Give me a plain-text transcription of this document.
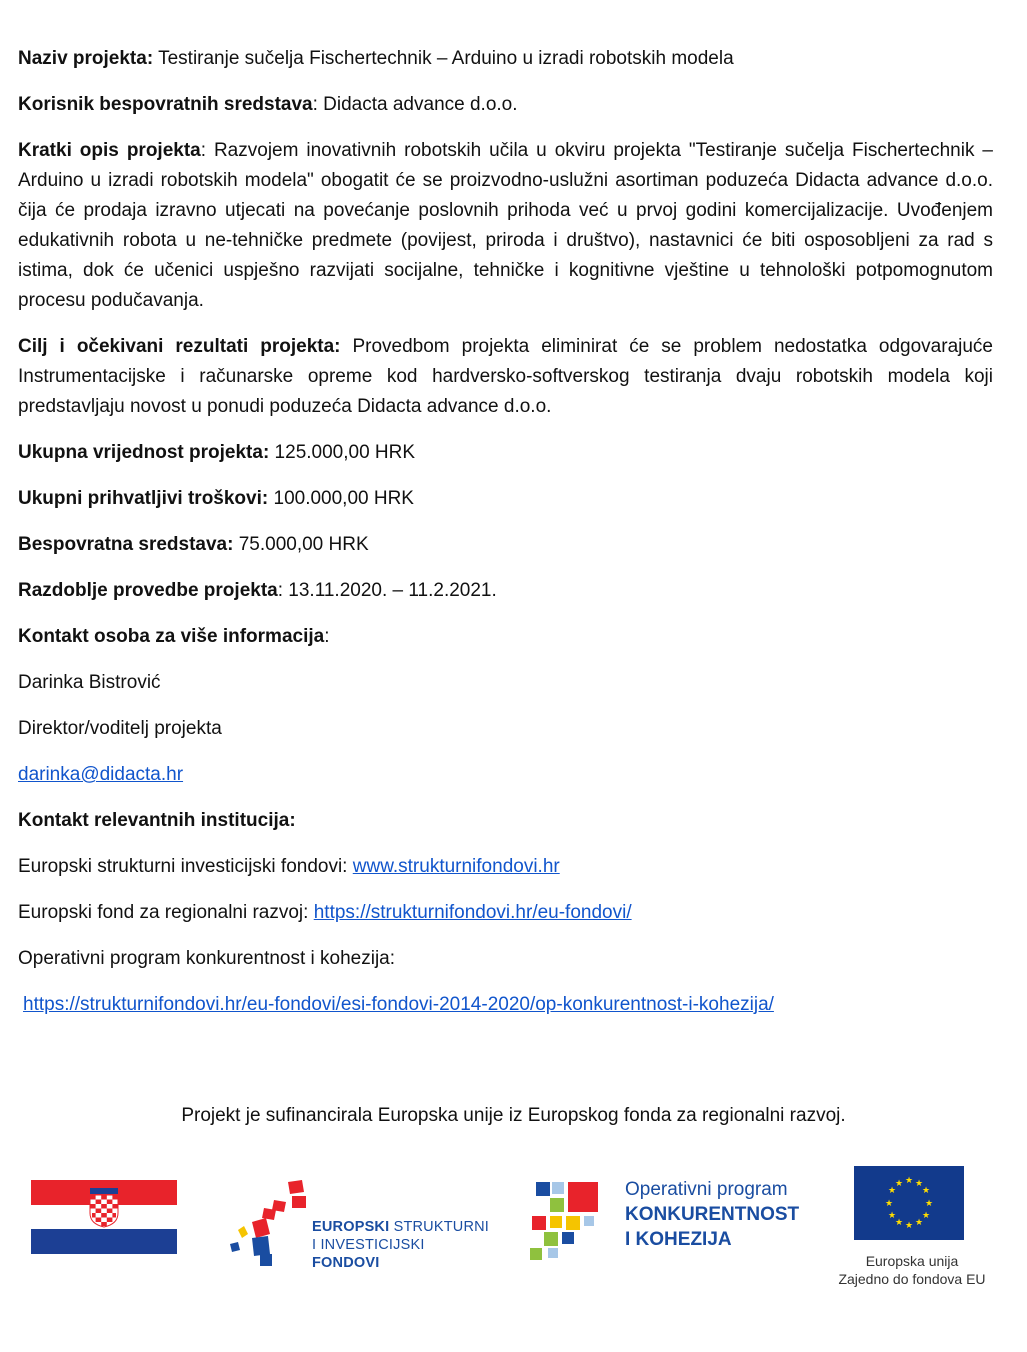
Naziv projekta: Testiranje sučelja Fischertechnik – Arduino u izradi robotskih modela

Korisnik bespovratnih sredstava: Didacta advance d.o.o.

Kratki opis projekta: Razvojem inovativnih robotskih učila u okviru projekta "Testiranje sučelja Fischertechnik – Arduino u izradi robotskih modela" obogatit će se proizvodno-uslužni asortiman poduzeća Didacta advance d.o.o. čija će prodaja izravno utjecati na povećanje poslovnih prihoda već u prvoj godini komercijalizacije. Uvođenjem edukativnih robota u ne-tehničke predmete (povijest, priroda i društvo), nastavnici će biti osposobljeni za rad s istima, dok će učenici uspješno razvijati socijalne, tehničke i kognitivne vještine u tehnološki potpomognutom procesu podučavanja.

Cilj i očekivani rezultati projekta: Provedbom projekta eliminirat će se problem nedostatka odgovarajuće Instrumentacijske i računarske opreme kod hardversko-softverskog testiranja dvaju robotskih modela koji predstavljaju novost u ponudi poduzeća Didacta advance d.o.o.

Ukupna vrijednost projekta: 125.000,00 HRK

Ukupni prihvatljivi troškovi: 100.000,00 HRK

Bespovratna sredstava: 75.000,00 HRK

Razdoblje provedbe projekta: 13.11.2020. – 11.2.2021.

Kontakt osoba za više informacija:

Darinka Bistrović

Direktor/voditelj projekta

darinka@didacta.hr

Kontakt relevantnih institucija:

Europski strukturni investicijski fondovi: www.strukturnifondovi.hr

Europski fond za regionalni razvoj: https://strukturnifondovi.hr/eu-fondovi/

Operativni program konkurentnost i kohezija:

https://strukturnifondovi.hr/eu-fondovi/esi-fondovi-2014-2020/op-konkurentnost-i-kohezija/

Projekt je sufinancirala Europska unije iz Europskog fonda za regionalni razvoj.
EUROPSKI STRUKTURNI
I INVESTICIJSKI FONDOVI
Operativni program
KONKURENTNOST
I KOHEZIJA
★ ★
★
★
★
★
★
★
★
★
★
★
Europska unija
Zajedno do fondova EU
